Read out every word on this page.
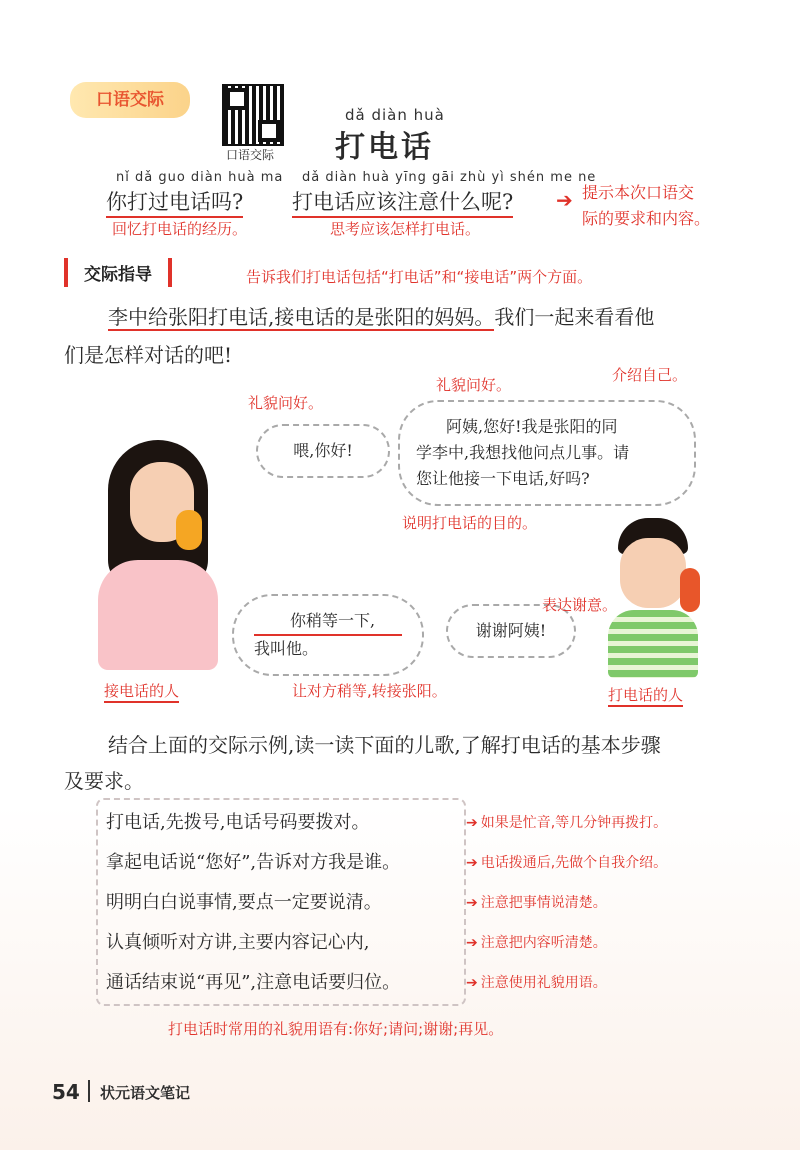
口语交际
口语交际
dǎ diàn huà
打电话
nǐ dǎ guo diàn huà ma
你打过电话吗?
回忆打电话的经历。
dǎ diàn huà yīng gāi zhù yì shén me ne
打电话应该注意什么呢?
思考应该怎样打电话。
➔ 提示本次口语交
际的要求和内容。
交际指导	告诉我们打电话包括“打电话”和“接电话”两个方面。
李中给张阳打电话,接电话的是张阳的妈妈。我们一起来看看他
们是怎样对话的吧!
礼貌问好。
喂,你好!
礼貌问好。
介绍自己。
阿姨,您好!我是张阳的同
学李中,我想找他问点儿事。请
您让他接一下电话,好吗?
说明打电话的目的。
接电话的人
你稍等一下,
我叫他。
让对方稍等,转接张阳。
谢谢阿姨!
表达谢意。
打电话的人
结合上面的交际示例,读一读下面的儿歌,了解打电话的基本步骤
及要求。
打电话,先拨号,电话号码要拨对。
拿起电话说“您好”,告诉对方我是谁。
明明白白说事情,要点一定要说清。
认真倾听对方讲,主要内容记心内,
通话结束说“再见”,注意电话要归位。
➔ 如果是忙音,等几分钟再拨打。
➔ 电话拨通后,先做个自我介绍。
➔ 注意把事情说清楚。
➔ 注意把内容听清楚。
➔ 注意使用礼貌用语。
打电话时常用的礼貌用语有:你好;请问;谢谢;再见。
54 状元语文笔记
